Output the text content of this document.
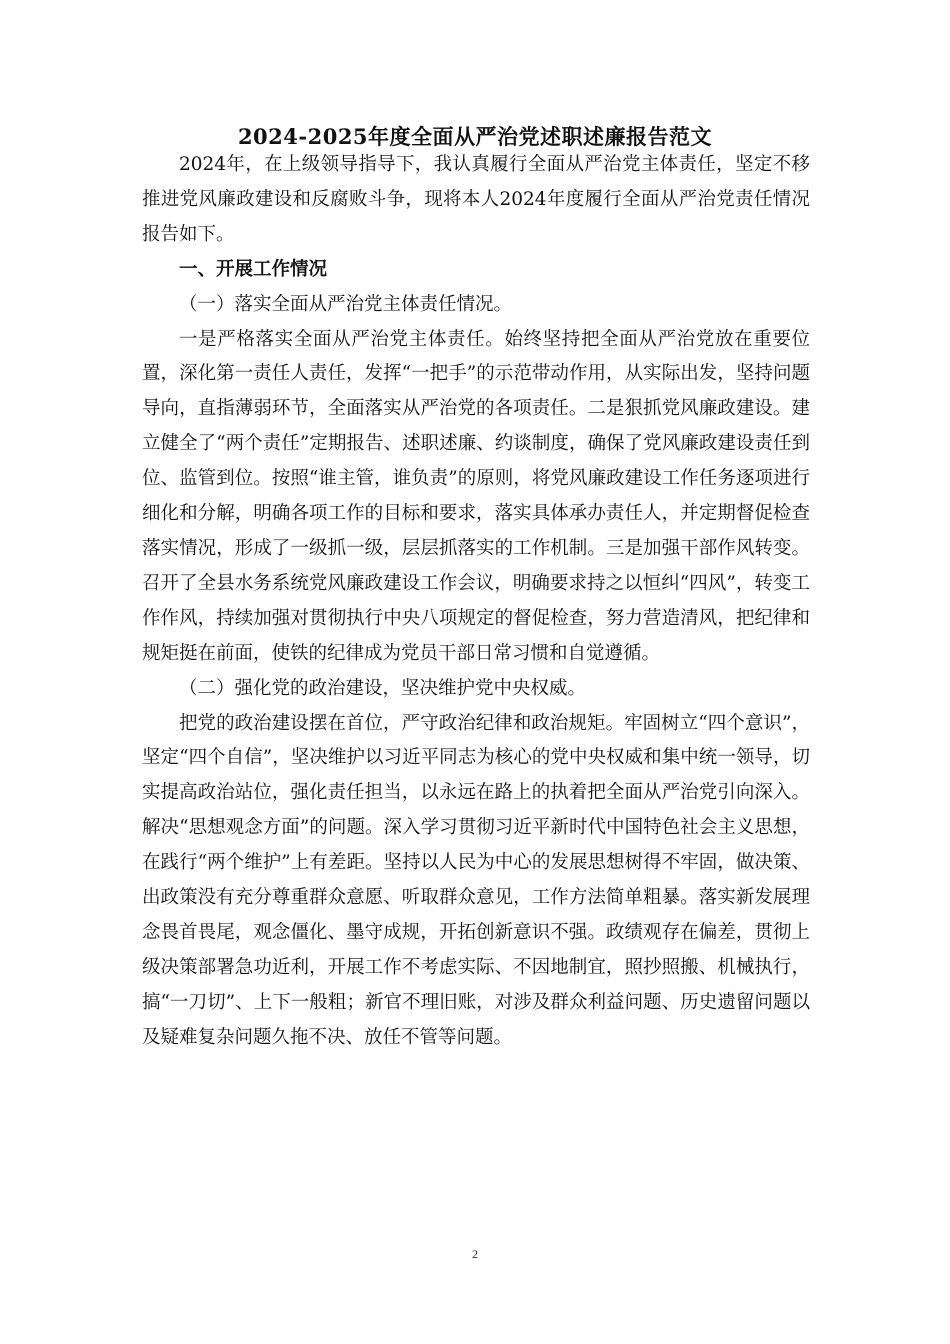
2024-2025年度全面从严治党述职述廉报告范文

2024年，在上级领导指导下，我认真履行全面从严治党主体责任，坚定不移推进党风廉政建设和反腐败斗争，现将本人2024年度履行全面从严治党责任情况报告如下。

一、开展工作情况

（一）落实全面从严治党主体责任情况。

一是严格落实全面从严治党主体责任。始终坚持把全面从严治党放在重要位置，深化第一责任人责任，发挥“一把手”的示范带动作用，从实际出发，坚持问题导向，直指薄弱环节，全面落实从严治党的各项责任。二是狠抓党风廉政建设。建立健全了“两个责任”定期报告、述职述廉、约谈制度，确保了党风廉政建设责任到位、监管到位。按照“谁主管，谁负责”的原则，将党风廉政建设工作任务逐项进行细化和分解，明确各项工作的目标和要求，落实具体承办责任人，并定期督促检查落实情况，形成了一级抓一级，层层抓落实的工作机制。三是加强干部作风转变。召开了全县水务系统党风廉政建设工作会议，明确要求持之以恒纠“四风”，转变工作作风，持续加强对贯彻执行中央八项规定的督促检查，努力营造清风，把纪律和规矩挺在前面，使铁的纪律成为党员干部日常习惯和自觉遵循。

（二）强化党的政治建设，坚决维护党中央权威。

把党的政治建设摆在首位，严守政治纪律和政治规矩。牢固树立“四个意识”，坚定“四个自信”，坚决维护以习近平同志为核心的党中央权威和集中统一领导，切实提高政治站位，强化责任担当，以永远在路上的执着把全面从严治党引向深入。解决“思想观念方面”的问题。深入学习贯彻习近平新时代中国特色社会主义思想，在践行“两个维护”上有差距。坚持以人民为中心的发展思想树得不牢固，做决策、出政策没有充分尊重群众意愿、听取群众意见，工作方法简单粗暴。落实新发展理念畏首畏尾，观念僵化、墨守成规，开拓创新意识不强。政绩观存在偏差，贯彻上级决策部署急功近利，开展工作不考虑实际、不因地制宜，照抄照搬、机械执行，搞“一刀切”、上下一般粗；新官不理旧账，对涉及群众利益问题、历史遗留问题以及疑难复杂问题久拖不决、放任不管等问题。

2
